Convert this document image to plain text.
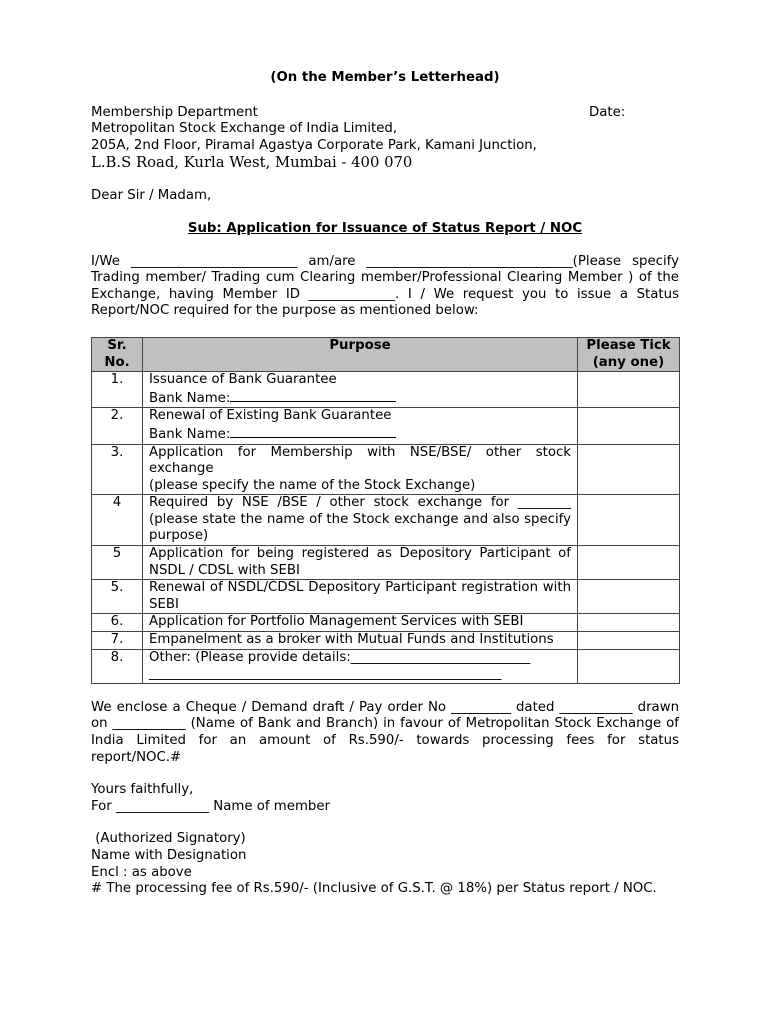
(On the Member’s Letterhead)
Membership Department	Date:
Metropolitan Stock Exchange of India Limited,
205A, 2nd Floor, Piramal Agastya Corporate Park, Kamani Junction,
L.B.S Road, Kurla West, Mumbai - 400 070
Dear Sir / Madam,
Sub: Application for Issuance of Status Report / NOC
I/We _________________________ am/are _______________________________(Please specify Trading member/ Trading cum Clearing member/Professional Clearing Member ) of the Exchange, having Member ID _____________. I / We request you to issue a Status Report/NOC required for the purpose as mentioned below:
Sr. No.	Purpose	Please Tick (any one)
1.	Issuance of Bank Guarantee
Bank Name:	

2.	Renewal of Existing Bank Guarantee
Bank Name:	

3.	Application for Membership with NSE/BSE/ other stock exchange
(please specify the name of the Stock Exchange)	

4	Required by NSE /BSE / other stock exchange for ________ (please state the name of the Stock exchange and also specify purpose)	
5	Application for being registered as Depository Participant of NSDL / CDSL with SEBI	
5.	Renewal of NSDL/CDSL Depository Participant registration with SEBI	
6.	Application for Portfolio Management Services with SEBI	
7.	Empanelment as a broker with Mutual Funds and Institutions	
8.	Other: (Please provide details:___________________________
_____________________________________________________	

We enclose a Cheque / Demand draft / Pay order No _________ dated ___________ drawn on ___________ (Name of Bank and Branch) in favour of Metropolitan Stock Exchange of India Limited for an amount of Rs.590/- towards processing fees for status report/NOC.#
Yours faithfully,
For ______________ Name of member
(Authorized Signatory)
Name with Designation
Encl : as above
# The processing fee of Rs.590/- (Inclusive of G.S.T. @ 18%) per Status report / NOC.
